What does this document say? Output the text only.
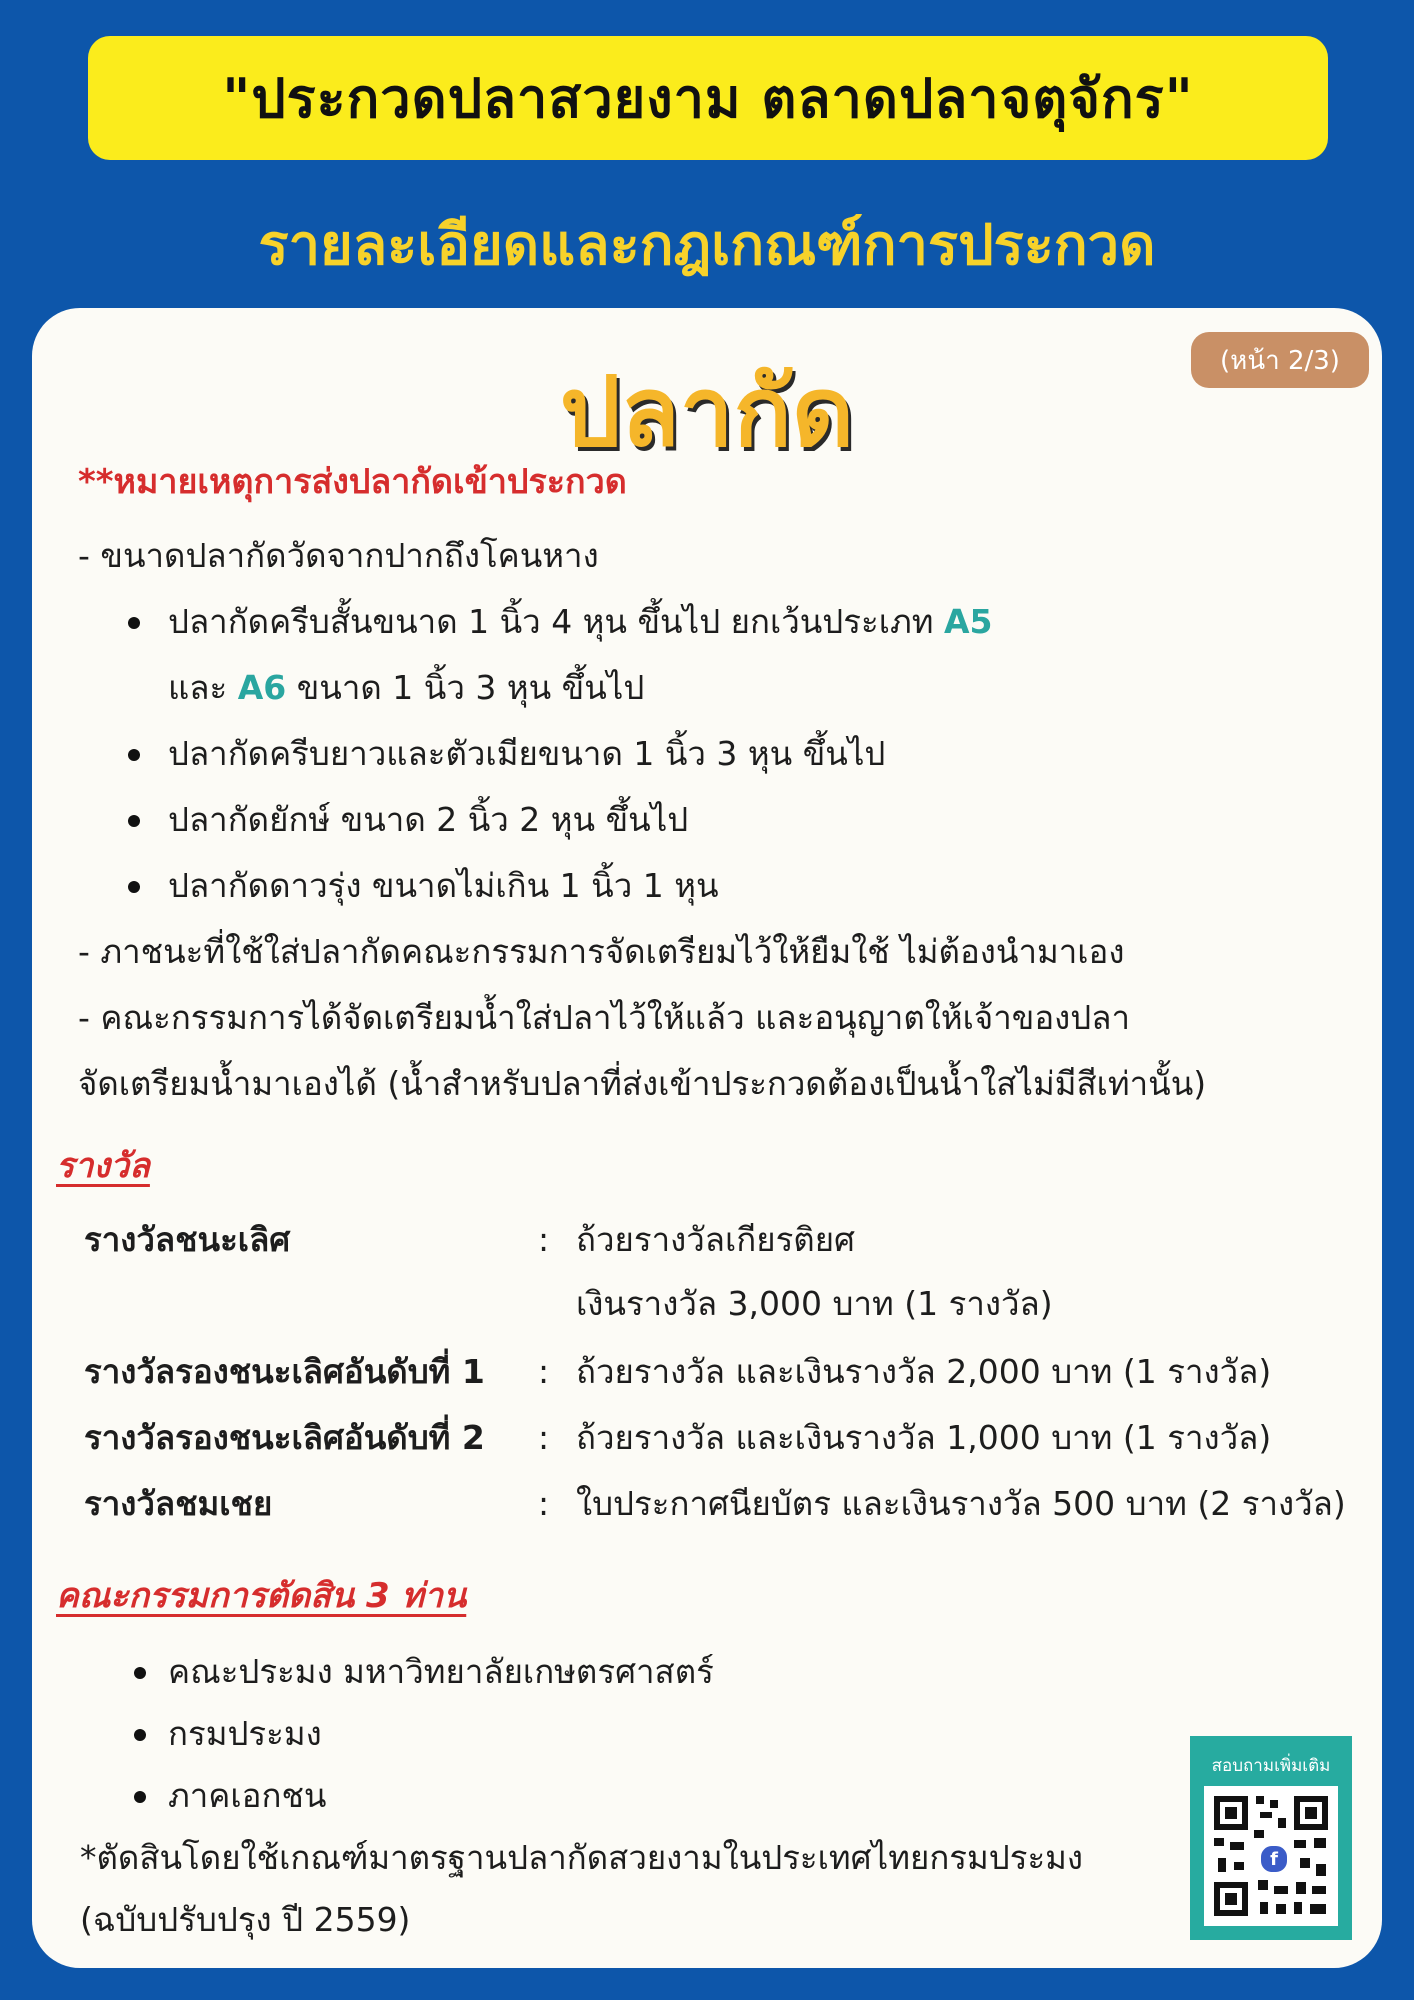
"ประกวดปลาสวยงาม ตลาดปลาจตุจักร"
รายละเอียดและกฎเกณฑ์การประกวด
(หน้า 2/3)
ปลากัด
**หมายเหตุการส่งปลากัดเข้าประกวด
- ขนาดปลากัดวัดจากปากถึงโคนหาง
ปลากัดครีบสั้นขนาด 1 นิ้ว 4 หุน ขึ้นไป ยกเว้นประเภท A5
และ A6 ขนาด 1 นิ้ว 3 หุน ขึ้นไป
ปลากัดครีบยาวและตัวเมียขนาด 1 นิ้ว 3 หุน ขึ้นไป
ปลากัดยักษ์ ขนาด 2 นิ้ว 2 หุน ขึ้นไป
ปลากัดดาวรุ่ง ขนาดไม่เกิน 1 นิ้ว 1 หุน
- ภาชนะที่ใช้ใส่ปลากัดคณะกรรมการจัดเตรียมไว้ให้ยืมใช้ ไม่ต้องนำมาเอง
- คณะกรรมการได้จัดเตรียมน้ำใส่ปลาไว้ให้แล้ว และอนุญาตให้เจ้าของปลา
จัดเตรียมน้ำมาเองได้ (น้ำสำหรับปลาที่ส่งเข้าประกวดต้องเป็นน้ำใสไม่มีสีเท่านั้น)
รางวัล
รางวัลชนะเลิศ	: ถ้วยรางวัลเกียรติยศ
เงินรางวัล 3,000 บาท (1 รางวัล)
รางวัลรองชนะเลิศอันดับที่ 1 : ถ้วยรางวัล และเงินรางวัล 2,000 บาท (1 รางวัล)
รางวัลรองชนะเลิศอันดับที่ 2 : ถ้วยรางวัล และเงินรางวัล 1,000 บาท (1 รางวัล)
รางวัลชมเชย	: ใบประกาศนียบัตร และเงินรางวัล 500 บาท (2 รางวัล)
คณะกรรมการตัดสิน 3 ท่าน
คณะประมง มหาวิทยาลัยเกษตรศาสตร์
กรมประมง
ภาคเอกชน
*ตัดสินโดยใช้เกณฑ์มาตรฐานปลากัดสวยงามในประเทศไทยกรมประมง
(ฉบับปรับปรุง ปี 2559)
สอบถามเพิ่มเติม
f
